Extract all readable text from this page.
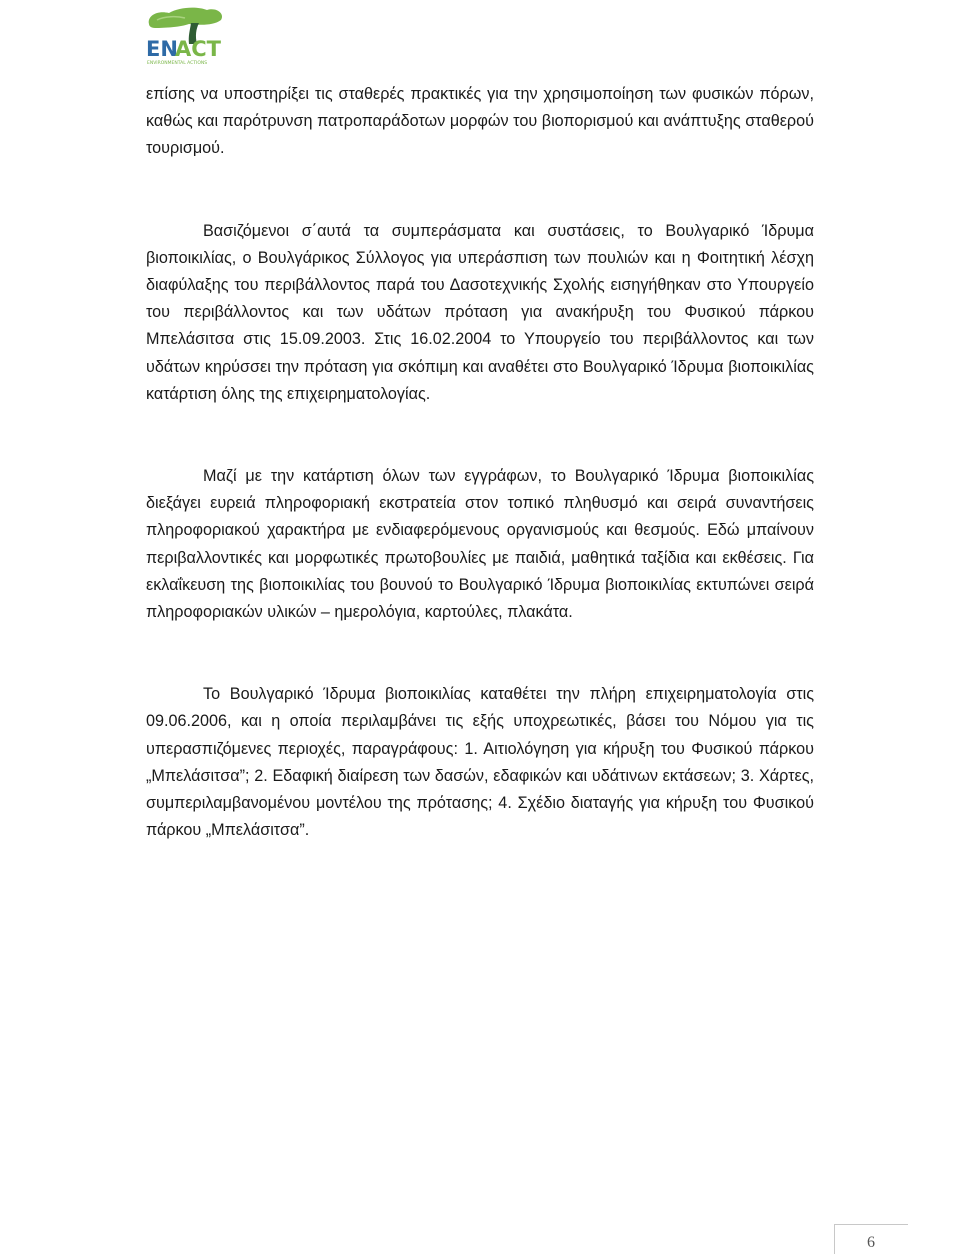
EN
ACT
ENVIRONMENTAL ACTIONS

επίσης να υποστηρίξει τις σταθερές πρακτικές για την χρησιμοποίηση των φυσικών πόρων, καθώς και παρότρυνση πατροπαράδοτων μορφών του βιοπορισμού και ανάπτυξης σταθερού τουρισμού.

Βασιζόμενοι σ΄αυτά τα συμπεράσματα και συστάσεις, το Βουλγαρικό Ίδρυμα βιοποικιλίας, ο Βουλγάρικος Σύλλογος για υπεράσπιση των πουλιών και η Φοιτητική λέσχη διαφύλαξης του περιβάλλοντος παρά του Δασοτεχνικής Σχολής εισηγήθηκαν στο Υπουργείο του περιβάλλοντος και των υδάτων πρόταση για ανακήρυξη του Φυσικού πάρκου Μπελάσιτσα στις 15.09.2003. Στις 16.02.2004 το Υπουργείο του περιβάλλοντος και των υδάτων κηρύσσει την πρόταση για σκόπιμη και αναθέτει στο Βουλγαρικό Ίδρυμα βιοποικιλίας κατάρτιση όλης της επιχειρηματολογίας.

Μαζί με την κατάρτιση όλων των εγγράφων, το Βουλγαρικό Ίδρυμα βιοποικιλίας διεξάγει ευρειά πληροφοριακή εκστρατεία στον τοπικό πληθυσμό και σειρά συναντήσεις πληροφοριακού χαρακτήρα με ενδιαφερόμενους οργανισμούς και θεσμούς. Εδώ μπαίνουν περιβαλλοντικές και μορφωτικές πρωτοβουλίες με παιδιά, μαθητικά ταξίδια και εκθέσεις. Για εκλαΐκευση της βιοποικιλίας του βουνού το Βουλγαρικό Ίδρυμα βιοποικιλίας εκτυπώνει σειρά πληροφοριακών υλικών – ημερολόγια, καρτούλες, πλακάτα.

Το Βουλγαρικό Ίδρυμα βιοποικιλίας καταθέτει την πλήρη επιχειρηματολογία στις 09.06.2006, και η οποία περιλαμβάνει τις εξής υποχρεωτικές, βάσει του Νόμου για τις υπερασπιζόμενες περιοχές, παραγράφους: 1. Αιτιολόγηση για κήρυξη του Φυσικού πάρκου „Μπελάσιτσα”; 2. Εδαφική διαίρεση των δασών, εδαφικών και υδάτινων εκτάσεων; 3. Χάρτες, συμπεριλαμβανομένου μοντέλου της πρότασης; 4. Σχέδιο διαταγής για κήρυξη του Φυσικού πάρκου „Μπελάσιτσα”.

6
